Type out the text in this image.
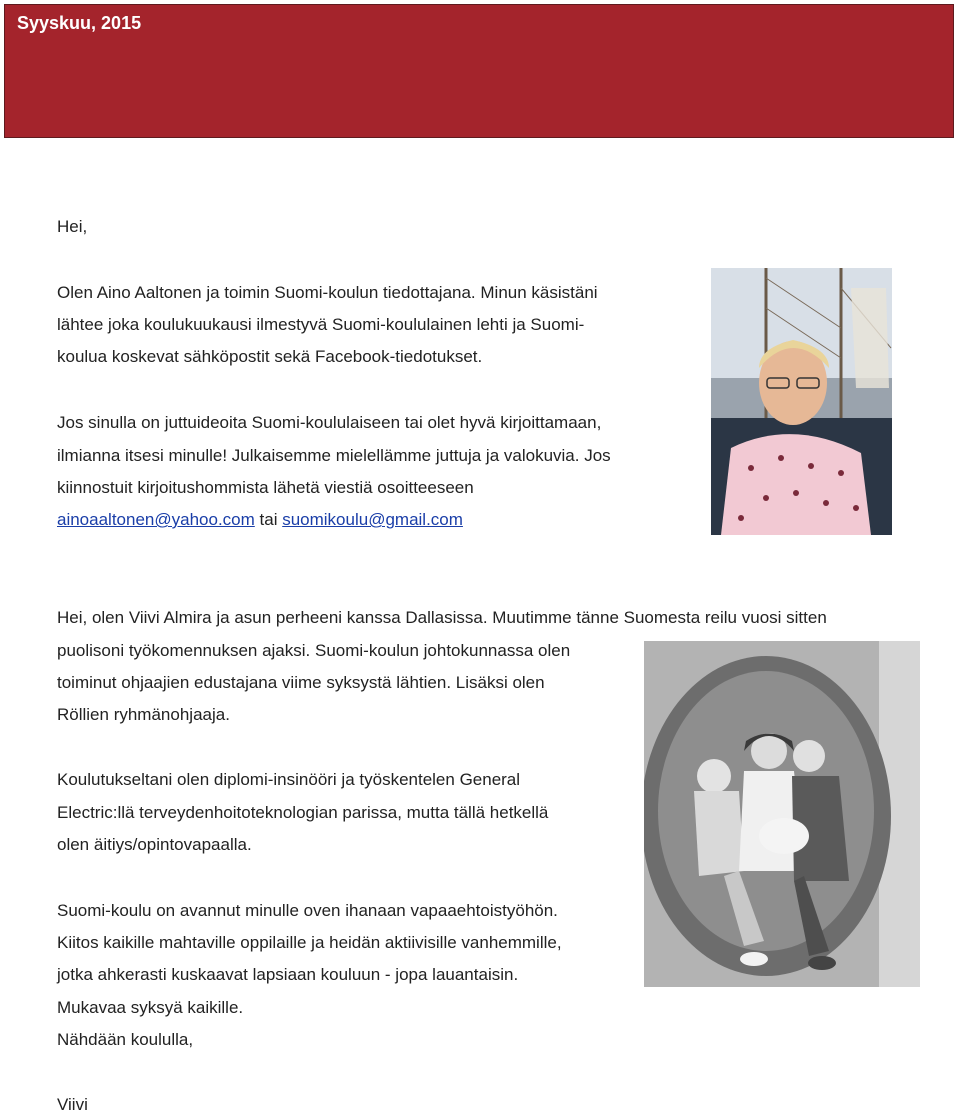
Syyskuu, 2015
Hei,
Olen Aino Aaltonen ja toimin Suomi-koulun tiedottajana. Minun käsistäni
lähtee joka koulukuukausi ilmestyvä Suomi-koululainen lehti ja Suomi-
koulua koskevat sähköpostit sekä Facebook-tiedotukset.
Jos sinulla on juttuideoita Suomi-koululaiseen tai olet hyvä kirjoittamaan,
ilmianna itsesi minulle! Julkaisemme mielellämme juttuja ja valokuvia. Jos
kiinnostuit kirjoitushommista lähetä viestiä osoitteeseen
ainoaaltonen@yahoo.com tai suomikoulu@gmail.com
Hei, olen Viivi Almira ja asun perheeni kanssa Dallasissa. Muutimme tänne Suomesta reilu vuosi sitten
puolisoni työkomennuksen ajaksi. Suomi-koulun johtokunnassa olen
toiminut ohjaajien edustajana viime syksystä lähtien. Lisäksi olen
Röllien ryhmänohjaaja.
Koulutukseltani olen diplomi-insinööri ja työskentelen General
Electric:llä terveydenhoitoteknologian parissa, mutta tällä hetkellä
olen äitiys/opintovapaalla.
Suomi-koulu on avannut minulle oven ihanaan vapaaehtoistyöhön.
Kiitos kaikille mahtaville oppilaille ja heidän aktiivisille vanhemmille,
jotka ahkerasti kuskaavat lapsiaan kouluun - jopa lauantaisin.
Mukavaa syksyä kaikille.
Nähdään koululla,
Viivi
